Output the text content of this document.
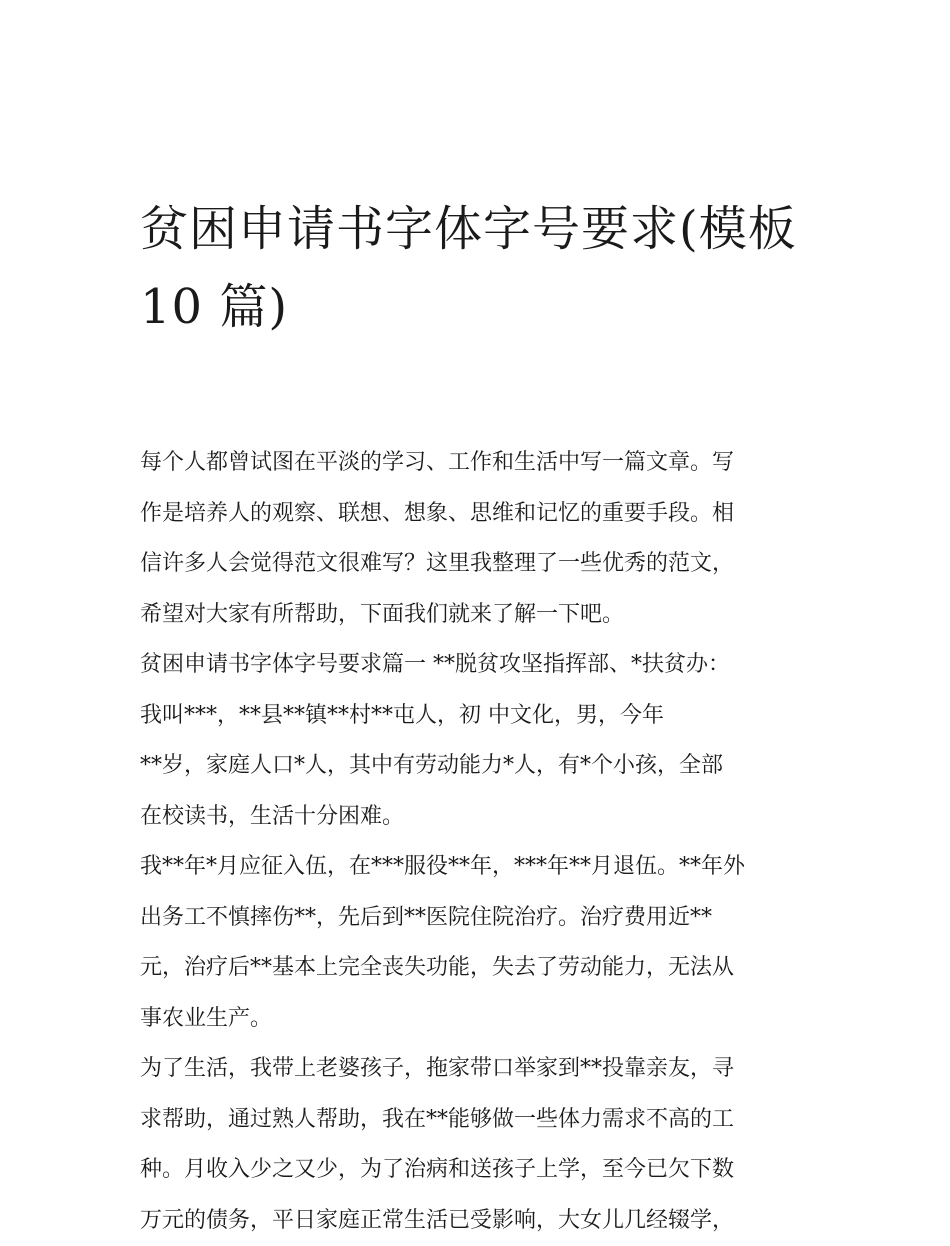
贫困申请书字体字号要求(模板
10 篇)

每个人都曾试图在平淡的学习、工作和生活中写一篇文章。写
作是培养人的观察、联想、想象、思维和记忆的重要手段。相
信许多人会觉得范文很难写？这里我整理了一些优秀的范文，
希望对大家有所帮助，下面我们就来了解一下吧。

贫困申请书字体字号要求篇一 **脱贫攻坚指挥部、*扶贫办：
我叫***，**县**镇**村**屯人，初 中文化，男，今年
**岁，家庭人口*人，其中有劳动能力*人，有*个小孩，全部
在校读书，生活十分困难。

我**年*月应征入伍，在***服役**年，***年**月退伍。**年外
出务工不慎摔伤**，先后到**医院住院治疗。治疗费用近**
元，治疗后**基本上完全丧失功能，失去了劳动能力，无法从
事农业生产。

为了生活，我带上老婆孩子，拖家带口举家到**投靠亲友，寻
求帮助，通过熟人帮助，我在**能够做一些体力需求不高的工
种。月收入少之又少，为了治病和送孩子上学，至今已欠下数
万元的债务，平日家庭正常生活已受影响，大女儿几经辍学，
